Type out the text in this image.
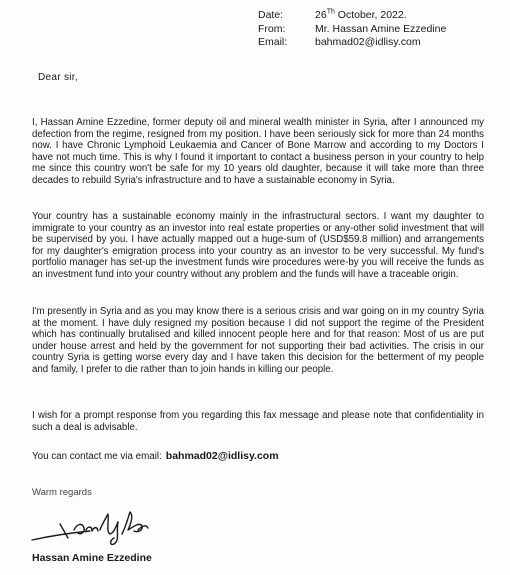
Date:	26Th October, 2022.
From:	Mr. Hassan Amine Ezzedine
Email:	bahmad02@idlisy.com
Dear sir,

I, Hassan Amine Ezzedine, former deputy oil and mineral wealth minister in Syria, after I announced my defection from the regime, resigned from my position. I have been seriously sick for more than 24 months now. I have Chronic Lymphoid Leukaemia and Cancer of Bone Marrow and according to my Doctors I have not much time. This is why I found it important to contact a business person in your country to help me since this country won't be safe for my 10 years old daughter, because it will take more than three decades to rebuild Syria's infrastructure and to have a sustainable economy in Syria.

Your country has a sustainable economy mainly in the infrastructural sectors. I want my daughter to immigrate to your country as an investor into real estate properties or any-other solid investment that will be supervised by you. I have actually mapped out a huge-sum of (USD$59.8 million) and arrangements for my daughter's emigration process into your country as an investor to be very successful. My fund's portfolio manager has set-up the investment funds wire procedures were-by you will receive the funds as an investment fund into your country without any problem and the funds will have a traceable origin.

I'm presently in Syria and as you may know there is a serious crisis and war going on in my country Syria at the moment. I have duly resigned my position because I did not support the regime of the President which has continually brutalised and killed innocent people here and for that reason: Most of us are put under house arrest and held by the government for not supporting their bad activities. The crisis in our country Syria is getting worse every day and I have taken this decision for the betterment of my people and family, I prefer to die rather than to join hands in killing our people.

I wish for a prompt response from you regarding this fax message and please note that confidentiality in such a deal is advisable.

You can contact me via email: bahmad02@idlisy.com
Warm regards
Hassan Amine Ezzedine
